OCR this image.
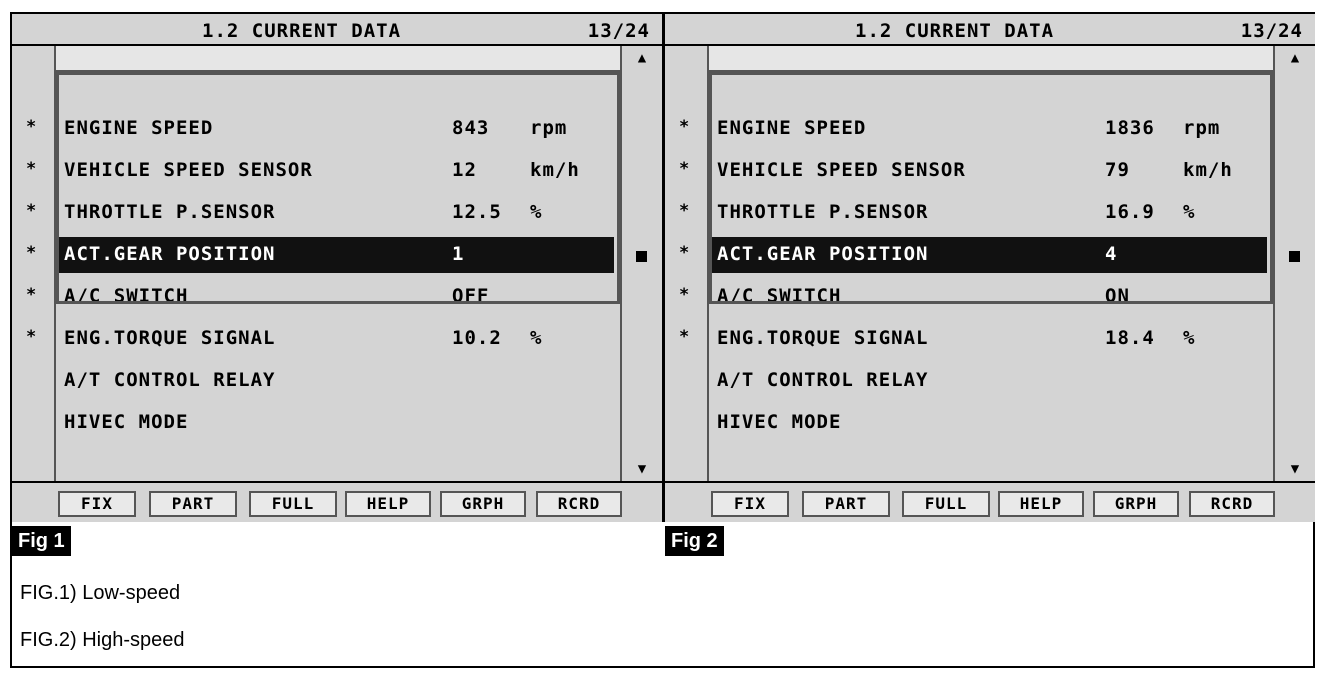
1.2 CURRENT DATA	13/24
▲
▼
* ENGINE SPEED	843 rpm
* VEHICLE SPEED SENSOR	12	km/h
* THROTTLE P.SENSOR	12.5 %
* ACT.GEAR POSITION	1
* A/C SWITCH	OFF
* ENG.TORQUE SIGNAL	10.2 %
A/T CONTROL RELAY
HIVEC MODE
FIX	PART	FULL	HELP	GRPH	RCRD
1.2 CURRENT DATA	13/24
▲
▼
* ENGINE SPEED	1836 rpm
* VEHICLE SPEED SENSOR	79	km/h
* THROTTLE P.SENSOR	16.9 %
* ACT.GEAR POSITION	4
* A/C SWITCH	ON
* ENG.TORQUE SIGNAL	18.4 %
A/T CONTROL RELAY
HIVEC MODE
FIX	PART	FULL	HELP	GRPH	RCRD
Fig 1	Fig 2
FIG.1) Low-speed
FIG.2) High-speed
